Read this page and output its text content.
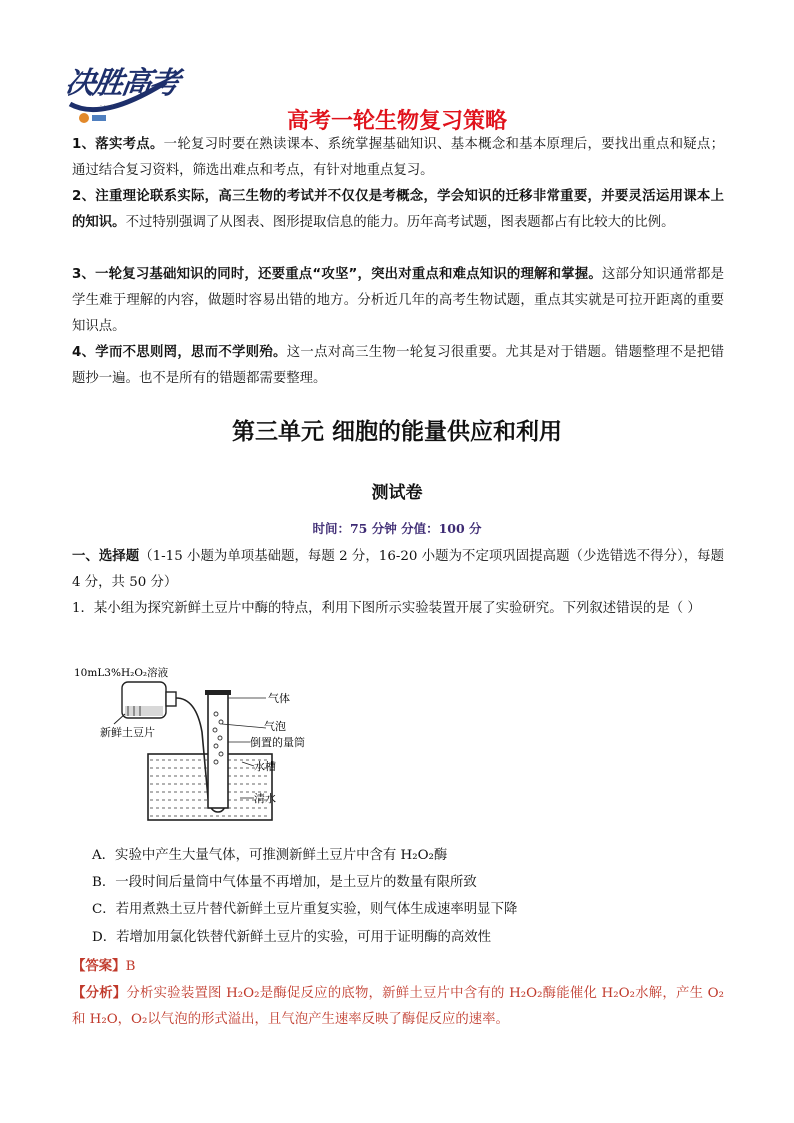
· · · ·
决胜高考
高考一轮生物复习策略
1、落实考点。一轮复习时要在熟读课本、系统掌握基础知识、基本概念和基本原理后，要找出重点和疑点；通过结合复习资料，筛选出难点和考点，有针对地重点复习。
2、注重理论联系实际，高三生物的考试并不仅仅是考概念，学会知识的迁移非常重要，并要灵活运用课本上的知识。不过特别强调了从图表、图形提取信息的能力。历年高考试题，图表题都占有比较大的比例。
3、一轮复习基础知识的同时，还要重点“攻坚”，突出对重点和难点知识的理解和掌握。这部分知识通常都是学生难于理解的内容，做题时容易出错的地方。分析近几年的高考生物试题，重点其实就是可拉开距离的重要知识点。
4、学而不思则罔，思而不学则殆。这一点对高三生物一轮复习很重要。尤其是对于错题。错题整理不是把错题抄一遍。也不是所有的错题都需要整理。
第三单元 细胞的能量供应和利用
测试卷
时间：75 分钟 分值：100 分
一、选择题（1-15 小题为单项基础题，每题 2 分，16-20 小题为不定项巩固提高题（少选错选不得分），每题 4 分，共 50 分）
1．某小组为探究新鲜土豆片中酶的特点，利用下图所示实验装置开展了实验研究。下列叙述错误的是（ ）
10mL3%H₂O₂溶液
新鲜土豆片
气体
气泡
倒置的量筒
水槽
清水
A．实验中产生大量气体，可推测新鲜土豆片中含有 H₂O₂酶
B．一段时间后量筒中气体量不再增加，是土豆片的数量有限所致
C．若用煮熟土豆片替代新鲜土豆片重复实验，则气体生成速率明显下降
D．若增加用氯化铁替代新鲜土豆片的实验，可用于证明酶的高效性
【答案】B
【分析】分析实验装置图 H₂O₂是酶促反应的底物，新鲜土豆片中含有的 H₂O₂酶能催化 H₂O₂水解，产生 O₂ 和 H₂O，O₂以气泡的形式溢出，且气泡产生速率反映了酶促反应的速率。
